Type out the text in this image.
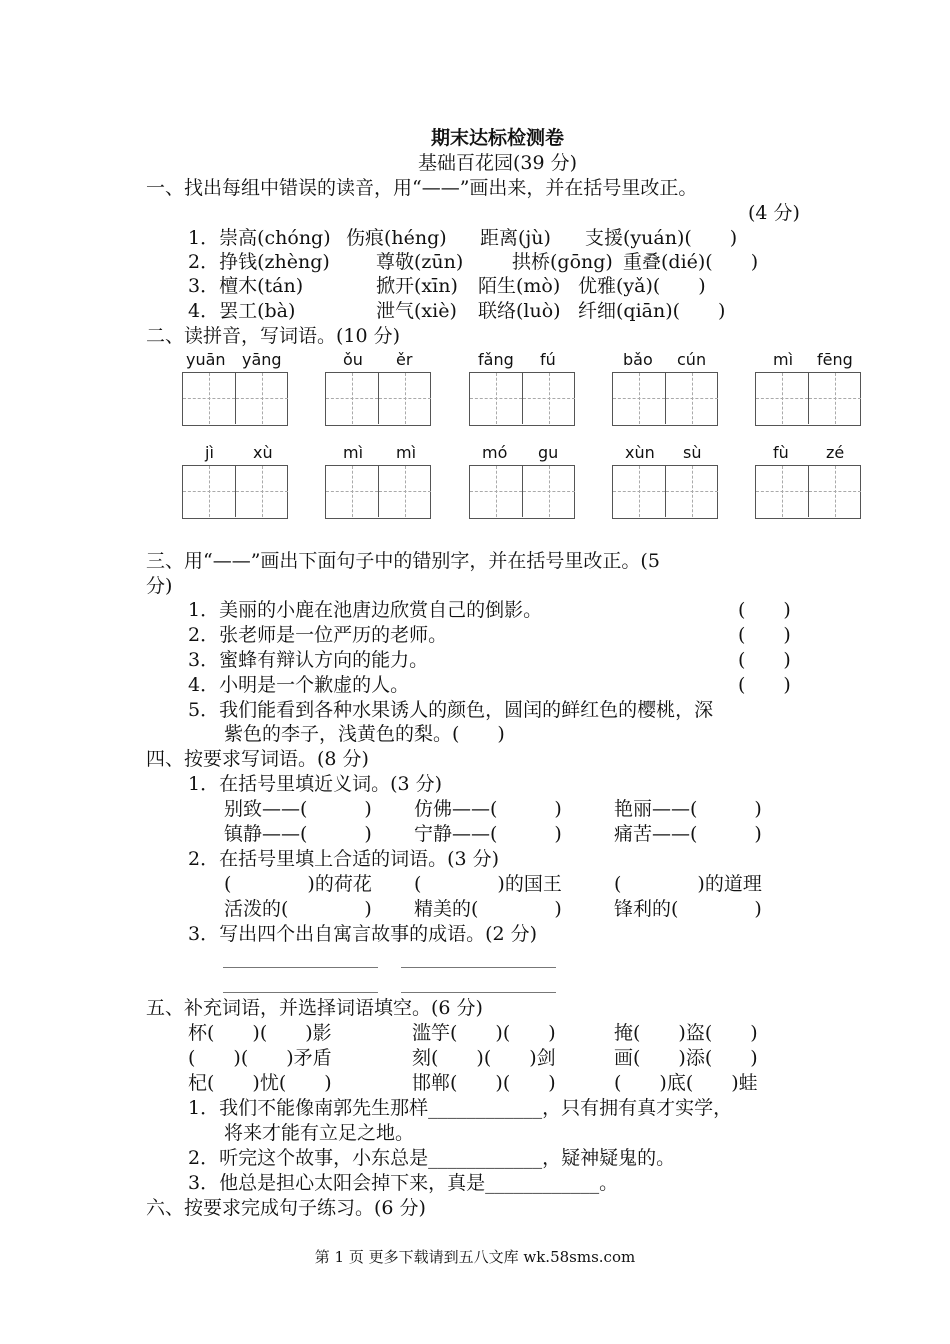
期末达标检测卷
基础百花园(39 分)
一、找出每组中错误的读音，用“——”画出来，并在括号里改正。
(4 分)
1．崇高(chóng) 伤痕(héng) 距离(jù) 支援(yuán)(　　)
2．挣钱(zhèng) 尊敬(zūn)	拱桥(gōng) 重叠(dié)(　　)
3．檀木(tán)	掀开(xīn) 陌生(mò) 优雅(yǎ)(　　)
4．罢工(bà)	泄气(xiè) 联络(luò) 纤细(qiān)(　　)
二、读拼音，写词语。(10 分)
yuān yāng	ǒu ěr	fǎng fú	bǎo cún	mì fēng
jì xù	mì mì	mó gu	xùn sù	fù zé
三、用“——”画出下面句子中的错别字，并在括号里改正。(5
分)
1．美丽的小鹿在池唐边欣赏自己的倒影。	(　　)
2．张老师是一位严历的老师。	(　　)
3．蜜蜂有辩认方向的能力。	(　　)
4．小明是一个歉虚的人。	(　　)
5．我们能看到各种水果诱人的颜色，圆闰的鲜红色的樱桃，深
紫色的李子，浅黄色的梨。(　　)
四、按要求写词语。(8 分)
1．在括号里填近义词。(3 分)
别致——(　　　) 仿佛——(　　　)	艳丽——(　　　)
镇静——(　　　) 宁静——(　　　)	痛苦——(　　　)
2．在括号里填上合适的词语。(3 分)
(　　　　)的荷花 (　　　　)的国王	(　　　　)的道理
活泼的(　　　　) 精美的(　　　　)	锋利的(　　　　)
3．写出四个出自寓言故事的成语。(2 分)
五、补充词语，并选择词语填空。(6 分)
杯(　　)(　　)影	滥竽(　　)(　　)	掩(　　)盗(　　)
(　　)(　　)矛盾	刻(　　)(　　)剑	画(　　)添(　　)
杞(　　)忧(　　)	邯郸(　　)(　　)	(　　)底(　　)蛙
1．我们不能像南郭先生那样____________，只有拥有真才实学，
将来才能有立足之地。
2．听完这个故事，小东总是____________，疑神疑鬼的。
3．他总是担心太阳会掉下来，真是____________。
六、按要求完成句子练习。(6 分)
第 1 页 更多下载请到五八文库 wk.58sms.com
